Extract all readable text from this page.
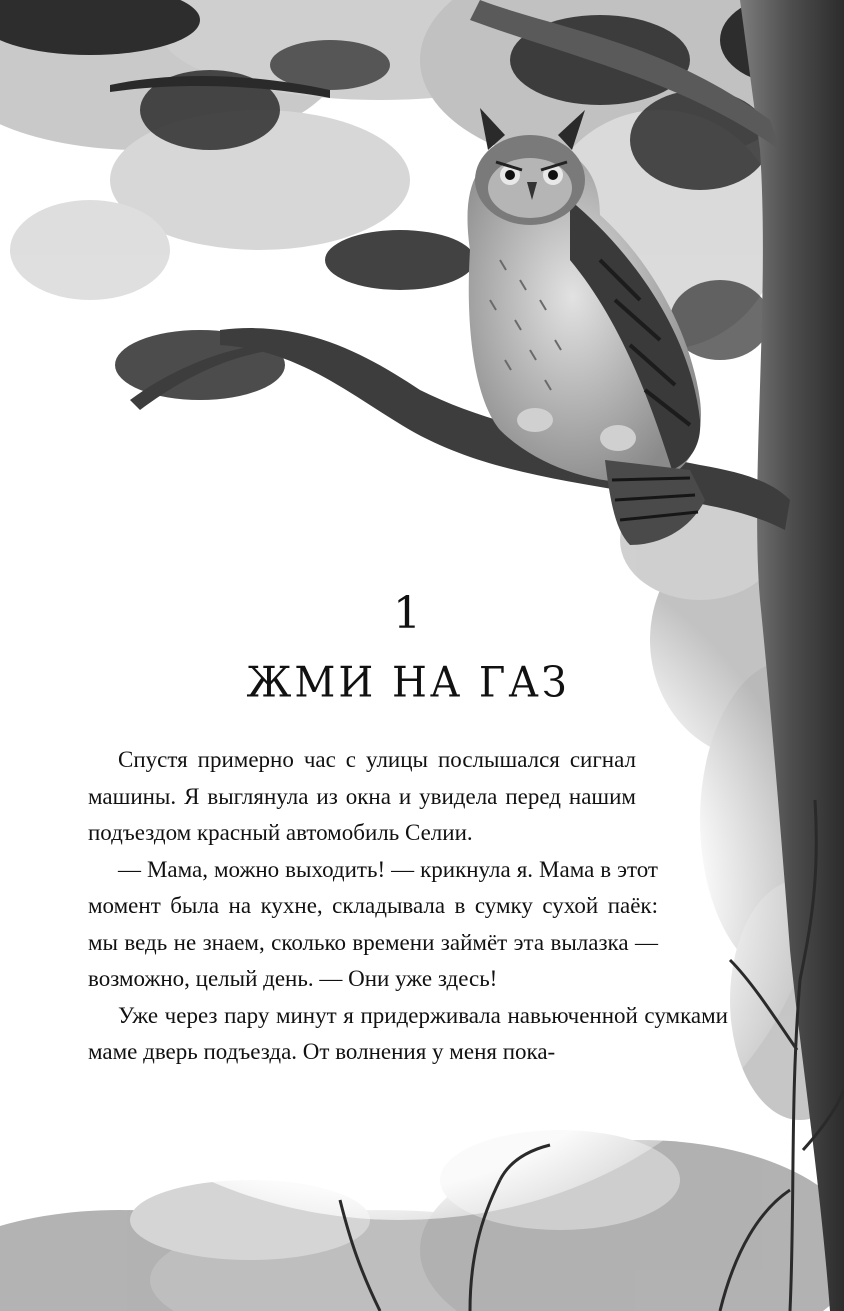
1
ЖМИ НА ГАЗ

Спустя примерно час с улицы послышался сигнал машины. Я выглянула из окна и увидела перед нашим подъездом красный автомобиль Селии.

— Мама, можно выходить! — крикнула я. Мама в этот момент была на кухне, складывала в сумку сухой паёк: мы ведь не знаем, сколько времени займёт эта вылазка — возможно, целый день. — Они уже здесь!

Уже через пару минут я придерживала навьюченной сумками маме дверь подъезда. От волнения у меня пока-
